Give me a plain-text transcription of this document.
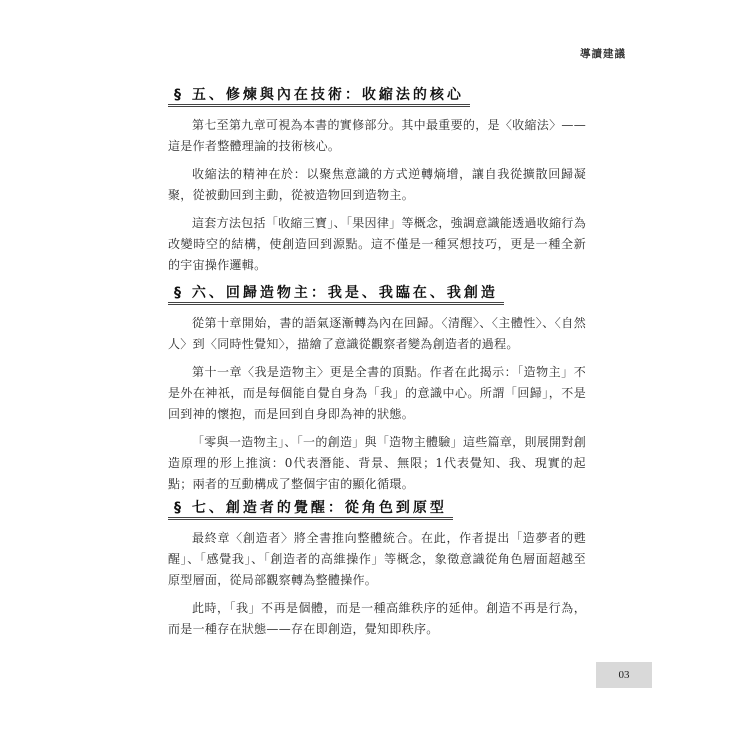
導讀建議
§ 五、修煉與內在技術：收縮法的核心

第七至第九章可視為本書的實修部分。其中最重要的，是〈收縮法〉——這是作者整體理論的技術核心。

收縮法的精神在於：以聚焦意識的方式逆轉熵增，讓自我從擴散回歸凝聚，從被動回到主動，從被造物回到造物主。

這套方法包括「收縮三寶」、「果因律」等概念，強調意識能透過收縮行為改變時空的結構，使創造回到源點。這不僅是一種冥想技巧，更是一種全新的宇宙操作邏輯。

§ 六、回歸造物主：我是、我臨在、我創造

從第十章開始，書的語氣逐漸轉為內在回歸。〈清醒〉、〈主體性〉、〈自然人〉到〈同時性覺知〉，描繪了意識從觀察者變為創造者的過程。

第十一章〈我是造物主〉更是全書的頂點。作者在此揭示：「造物主」不是外在神祇，而是每個能自覺自身為「我」的意識中心。所謂「回歸」，不是回到神的懷抱，而是回到自身即為神的狀態。

「零與一造物主」、「一的創造」與「造物主體驗」這些篇章，則展開對創造原理的形上推演：0代表潛能、背景、無限；1代表覺知、我、現實的起點；兩者的互動構成了整個宇宙的顯化循環。

§ 七、創造者的覺醒：從角色到原型

最終章〈創造者〉將全書推向整體統合。在此，作者提出「造夢者的甦醒」、「感覺我」、「創造者的高維操作」等概念，象徵意識從角色層面超越至原型層面，從局部觀察轉為整體操作。

此時，「我」不再是個體，而是一種高維秩序的延伸。創造不再是行為，而是一種存在狀態——存在即創造，覺知即秩序。

03
